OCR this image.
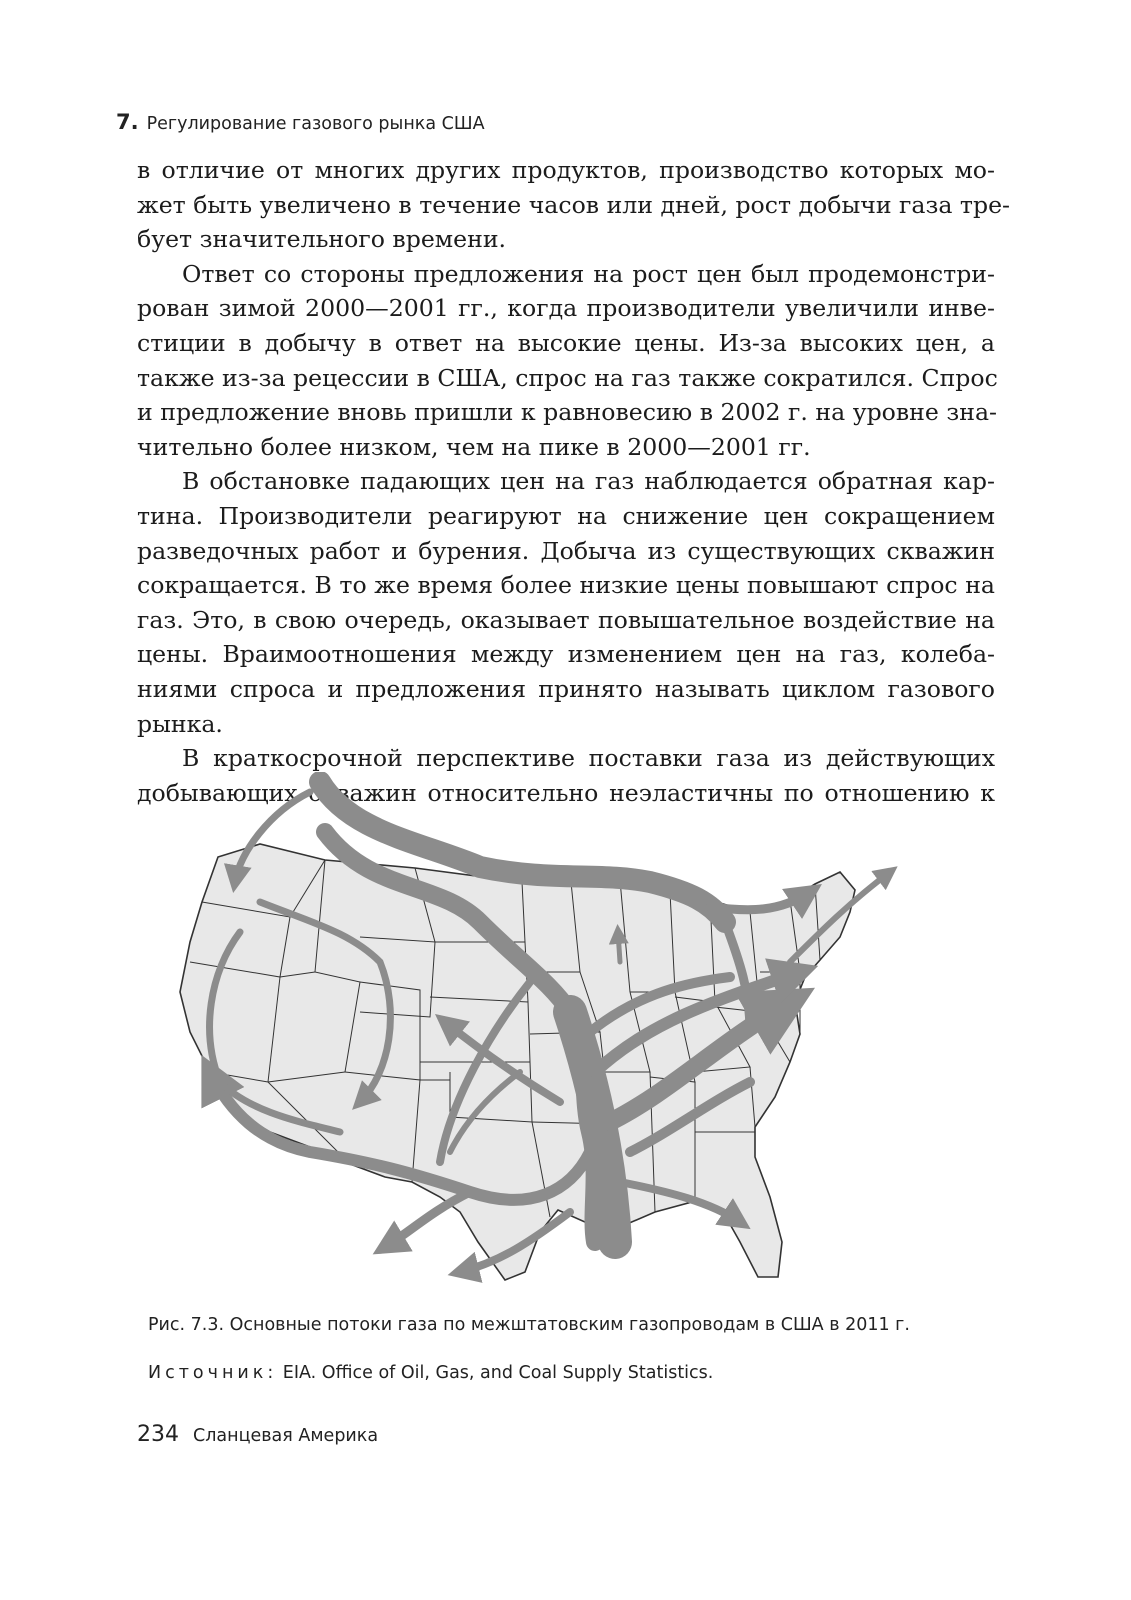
7. Регулирование газового рынка США
в отличие от многих других продуктов, производство которых мо-
жет быть увеличено в течение часов или дней, рост добычи газа тре-
бует значительного времени.
Ответ со стороны предложения на рост цен был продемонстри-
рован зимой 2000—2001 гг., когда производители увеличили инве-
стиции в добычу в ответ на высокие цены. Из-за высоких цен, а
также из-за рецессии в США, спрос на газ также сократился. Спрос
и предложение вновь пришли к равновесию в 2002 г. на уровне зна-
чительно более низком, чем на пике в 2000—2001 гг.
В обстановке падающих цен на газ наблюдается обратная кар-
тина. Производители реагируют на снижение цен сокращением
разведочных работ и бурения. Добыча из существующих скважин
сокращается. В то же время более низкие цены повышают спрос на
газ. Это, в свою очередь, оказывает повышательное воздействие на
цены. Враимоотношения между изменением цен на газ, колеба-
ниями спроса и предложения принято называть циклом газового
рынка.
В краткосрочной перспективе поставки газа из действующих
добывающих скважин относительно неэластичны по отношению к
Рис. 7.3. Основные потоки газа по межштатовским газопроводам в США в 2011 г.
Источник: EIA. Office of Oil, Gas, and Coal Supply Statistics.
234 Сланцевая Америка
